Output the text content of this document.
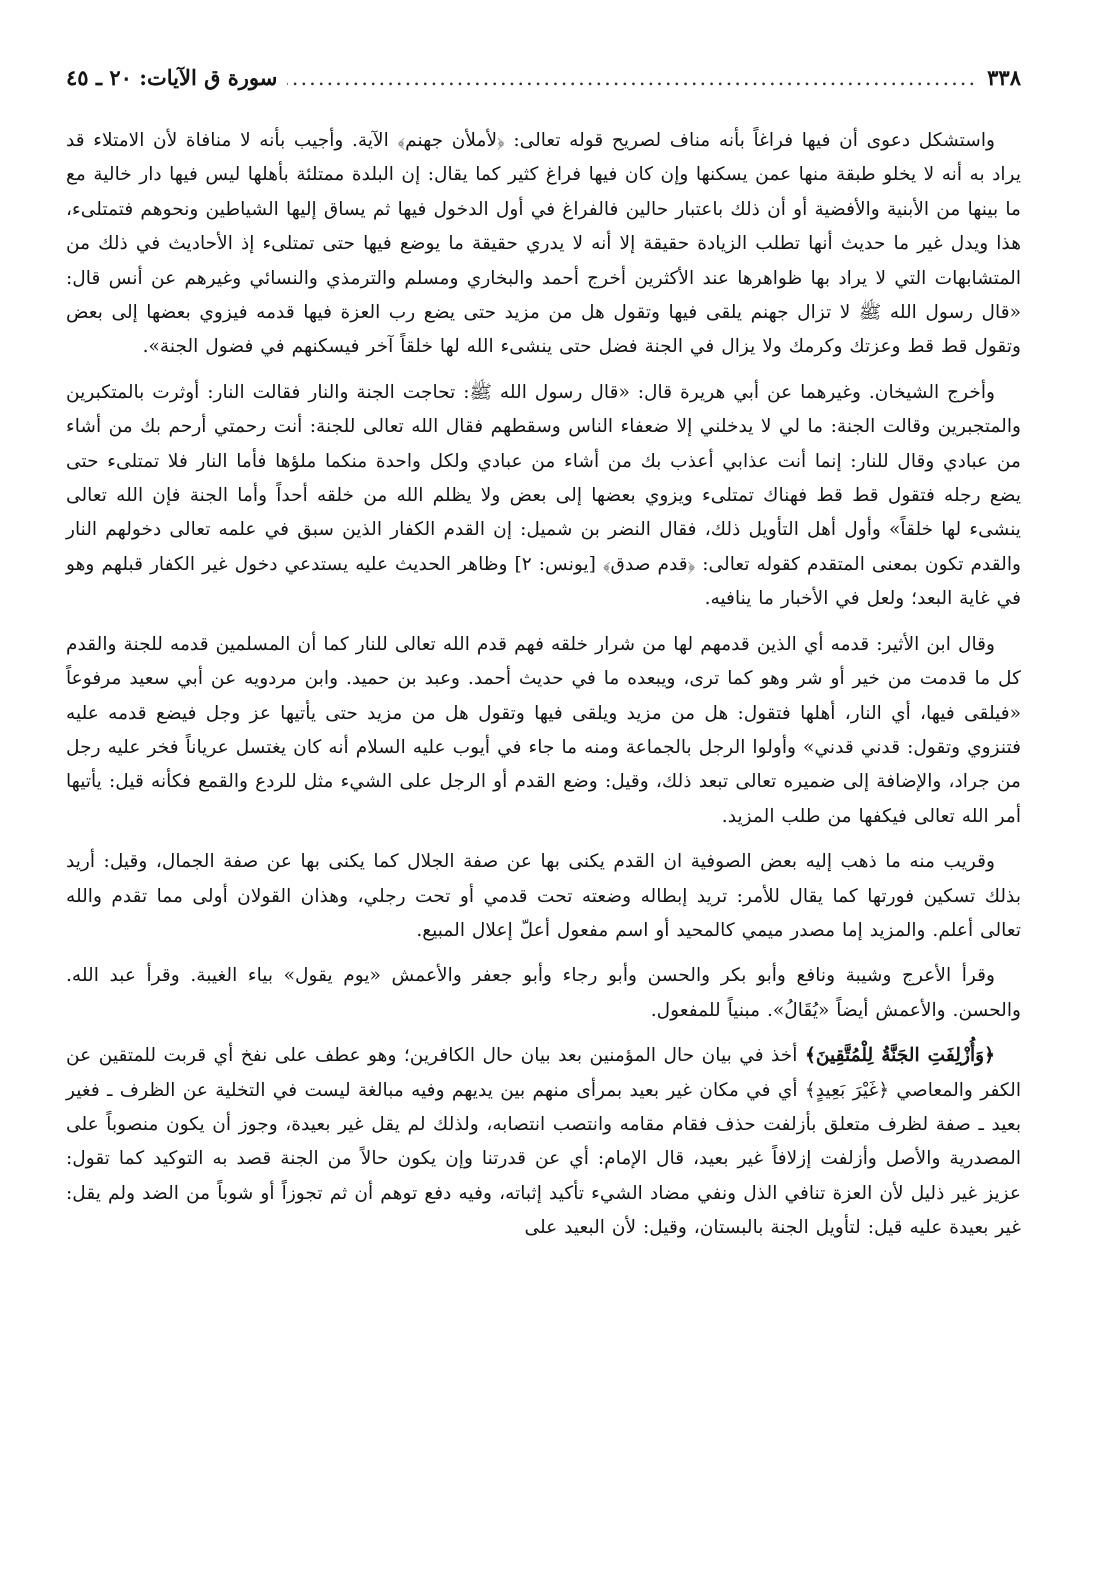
٣٣٨
.....
سورة ق الآيات: ٢٠ ـ ٤٥

واستشكل دعوى أن فيها فراغاً بأنه مناف لصريح قوله تعالى: ﴿لأملأن جهنم﴾ الآية. وأجيب بأنه لا منافاة لأن الامتلاء قد يراد به أنه لا يخلو طبقة منها عمن يسكنها وإن كان فيها فراغ كثير كما يقال: إن البلدة ممتلئة بأهلها ليس فيها دار خالية مع ما بينها من الأبنية والأفضية أو أن ذلك باعتبار حالين فالفراغ في أول الدخول فيها ثم يساق إليها الشياطين ونحوهم فتمتلىء، هذا ويدل غير ما حديث أنها تطلب الزيادة حقيقة إلا أنه لا يدري حقيقة ما يوضع فيها حتى تمتلىء إذ الأحاديث في ذلك من المتشابهات التي لا يراد بها ظواهرها عند الأكثرين أخرج أحمد والبخاري ومسلم والترمذي والنسائي وغيرهم عن أنس قال: «قال رسول الله ﷺ لا تزال جهنم يلقى فيها وتقول هل من مزيد حتى يضع رب العزة فيها قدمه فيزوي بعضها إلى بعض وتقول قط قط وعزتك وكرمك ولا يزال في الجنة فضل حتى ينشىء الله لها خلقاً آخر فيسكنهم في فضول الجنة».

وأخرج الشيخان. وغيرهما عن أبي هريرة قال: «قال رسول الله ﷺ: تحاجت الجنة والنار فقالت النار: أوثرت بالمتكبرين والمتجبرين وقالت الجنة: ما لي لا يدخلني إلا ضعفاء الناس وسقطهم فقال الله تعالى للجنة: أنت رحمتي أرحم بك من أشاء من عبادي وقال للنار: إنما أنت عذابي أعذب بك من أشاء من عبادي ولكل واحدة منكما ملؤها فأما النار فلا تمتلىء حتى يضع رجله فتقول قط قط فهناك تمتلىء ويزوي بعضها إلى بعض ولا يظلم الله من خلقه أحداً وأما الجنة فإن الله تعالى ينشىء لها خلقاً» وأول أهل التأويل ذلك، فقال النضر بن شميل: إن القدم الكفار الذين سبق في علمه تعالى دخولهم النار والقدم تكون بمعنى المتقدم كقوله تعالى: ﴿قدم صدق﴾ [يونس: ٢] وظاهر الحديث عليه يستدعي دخول غير الكفار قبلهم وهو في غاية البعد؛ ولعل في الأخبار ما ينافيه.

وقال ابن الأثير: قدمه أي الذين قدمهم لها من شرار خلقه فهم قدم الله تعالى للنار كما أن المسلمين قدمه للجنة والقدم كل ما قدمت من خير أو شر وهو كما ترى، ويبعده ما في حديث أحمد. وعبد بن حميد. وابن مردويه عن أبي سعيد مرفوعاً «فيلقى فيها، أي النار، أهلها فتقول: هل من مزيد ويلقى فيها وتقول هل من مزيد حتى يأتيها عز وجل فيضع قدمه عليه فتنزوي وتقول: قدني قدني» وأولوا الرجل بالجماعة ومنه ما جاء في أيوب عليه السلام أنه كان يغتسل عرياناً فخر عليه رجل من جراد، والإضافة إلى ضميره تعالى تبعد ذلك، وقيل: وضع القدم أو الرجل على الشيء مثل للردع والقمع فكأنه قيل: يأتيها أمر الله تعالى فيكفها من طلب المزيد.

وقريب منه ما ذهب إليه بعض الصوفية ان القدم يكنى بها عن صفة الجلال كما يكنى بها عن صفة الجمال، وقيل: أريد بذلك تسكين فورتها كما يقال للأمر: تريد إبطاله وضعته تحت قدمي أو تحت رجلي، وهذان القولان أولى مما تقدم والله تعالى أعلم. والمزيد إما مصدر ميمي كالمحيد أو اسم مفعول أعلّ إعلال المبيع.

وقرأ الأعرج وشيبة ونافع وأبو بكر والحسن وأبو رجاء وأبو جعفر والأعمش «يوم يقول» بياء الغيبة. وقرأ عبد الله. والحسن. والأعمش أيضاً «يُقَالُ». مبنياً للمفعول.

﴿وَأُزْلِفَتِ الجَنَّةُ لِلْمُتَّقِينَ﴾ أخذ في بيان حال المؤمنين بعد بيان حال الكافرين؛ وهو عطف على نفخ أي قربت للمتقين عن الكفر والمعاصي ﴿غَيْرَ بَعِيدٍ﴾ أي في مكان غير بعيد بمرأى منهم بين يديهم وفيه مبالغة ليست في التخلية عن الظرف ـ فغير بعيد ـ صفة لظرف متعلق بأزلفت حذف فقام مقامه وانتصب انتصابه، ولذلك لم يقل غير بعيدة، وجوز أن يكون منصوباً على المصدرية والأصل وأزلفت إزلافاً غير بعيد، قال الإمام: أي عن قدرتنا وإن يكون حالاً من الجنة قصد به التوكيد كما تقول: عزيز غير ذليل لأن العزة تنافي الذل ونفي مضاد الشيء تأكيد إثباته، وفيه دفع توهم أن ثم تجوزاً أو شوباً من الضد ولم يقل: غير بعيدة عليه قيل: لتأويل الجنة بالبستان، وقيل: لأن البعيد على
